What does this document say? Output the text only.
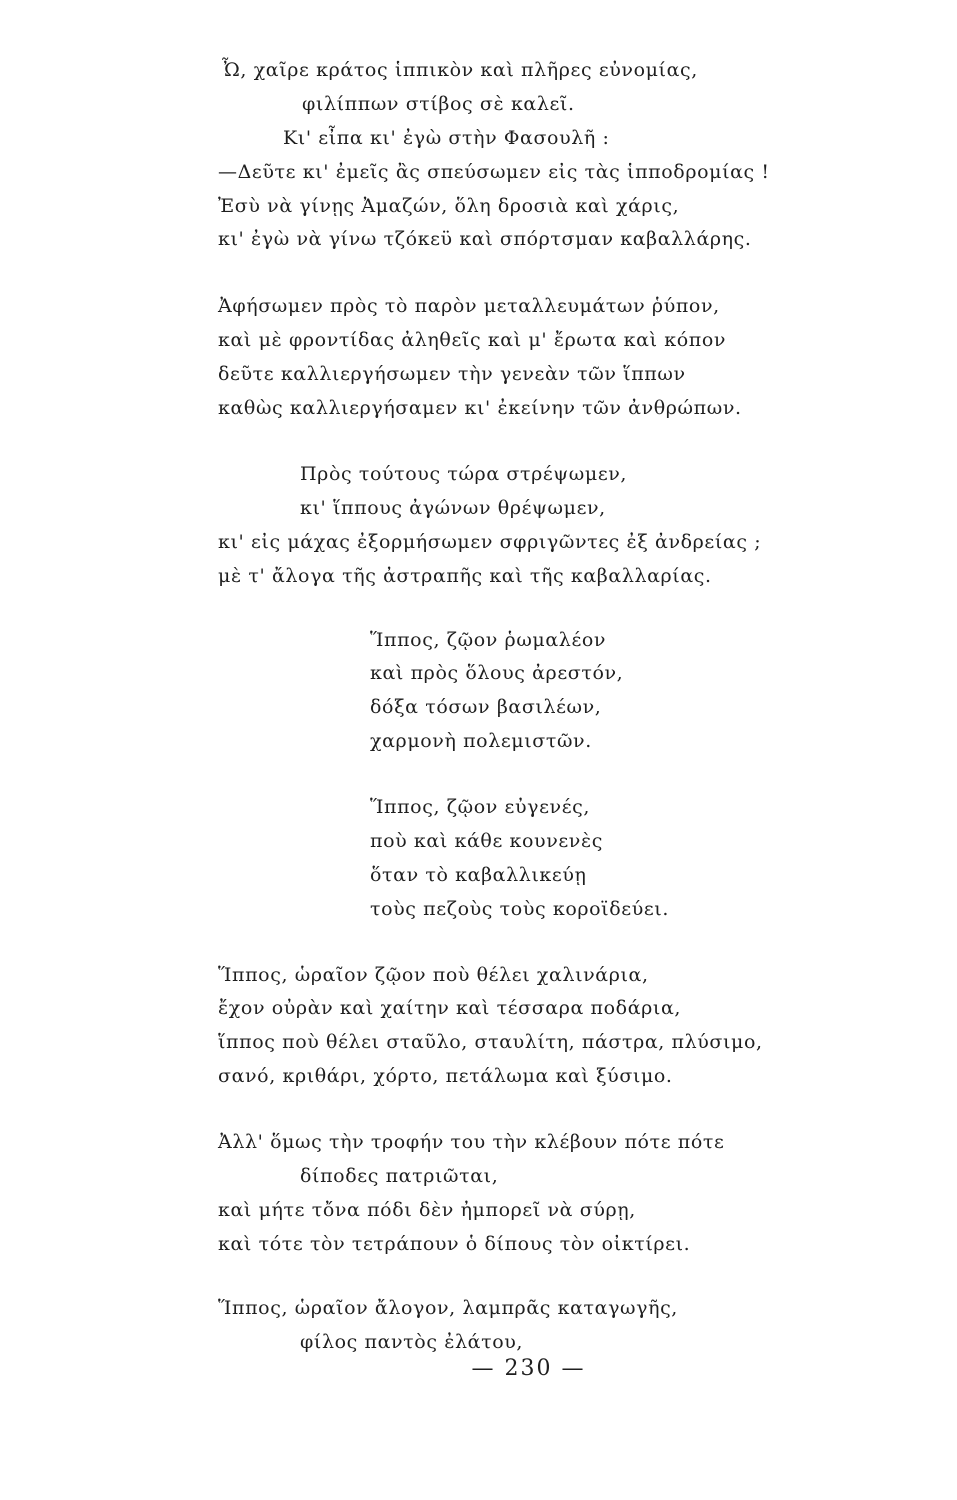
Ὦ, χαῖρε κράτος ἱππικὸν καὶ πλῆρες εὐνομίας,
φιλίππων στίβος σὲ καλεῖ.
Κι' εἶπα κι' ἐγὼ στὴν Φασουλῆ :
—Δεῦτε κι' ἐμεῖς ἂς σπεύσωμεν εἰς τὰς ἱπποδρομίας !
Ἐσὺ νὰ γίνῃς Ἀμαζών, ὅλη δροσιὰ καὶ χάρις,
κι' ἐγὼ νὰ γίνω τζόκεϋ καὶ σπόρτσμαν καβαλλάρης.
Ἀφήσωμεν πρὸς τὸ παρὸν μεταλλευμάτων ῥύπον,
καὶ μὲ φροντίδας ἀληθεῖς καὶ μ' ἔρωτα καὶ κόπον
δεῦτε καλλιεργήσωμεν τὴν γενεὰν τῶν ἵππων
καθὼς καλλιεργήσαμεν κι' ἐκείνην τῶν ἀνθρώπων.
Πρὸς τούτους τώρα στρέψωμεν,
κι' ἵππους ἀγώνων θρέψωμεν,
κι' εἰς μάχας ἐξορμήσωμεν σφριγῶντες ἐξ ἀνδρείας ;
μὲ τ' ἄλογα τῆς ἀστραπῆς καὶ τῆς καβαλλαρίας.
Ἵππος, ζῷον ῥωμαλέον
καὶ πρὸς ὅλους ἀρεστόν,
δόξα τόσων βασιλέων,
χαρμονὴ πολεμιστῶν.
Ἵππος, ζῷον εὐγενές,
ποὺ καὶ κάθε κουνενὲς
ὅταν τὸ καβαλλικεύῃ
τοὺς πεζοὺς τοὺς κοροϊδεύει.
Ἵππος, ὡραῖον ζῷον ποὺ θέλει χαλινάρια,
ἔχον οὐρὰν καὶ χαίτην καὶ τέσσαρα ποδάρια,
ἵππος ποὺ θέλει σταῦλο, σταυλίτη, πάστρα, πλύσιμο,
σανό, κριθάρι, χόρτο, πετάλωμα καὶ ξύσιμο.
Ἀλλ' ὅμως τὴν τροφήν του τὴν κλέβουν πότε πότε
δίποδες πατριῶται,
καὶ μήτε τὄνα πόδι δὲν ἠμπορεῖ νὰ σύρῃ,
καὶ τότε τὸν τετράπουν ὁ δίπους τὸν οἰκτίρει.
Ἵππος, ὡραῖον ἄλογον, λαμπρᾶς καταγωγῆς,
φίλος παντὸς ἐλάτου,
— 230 —
